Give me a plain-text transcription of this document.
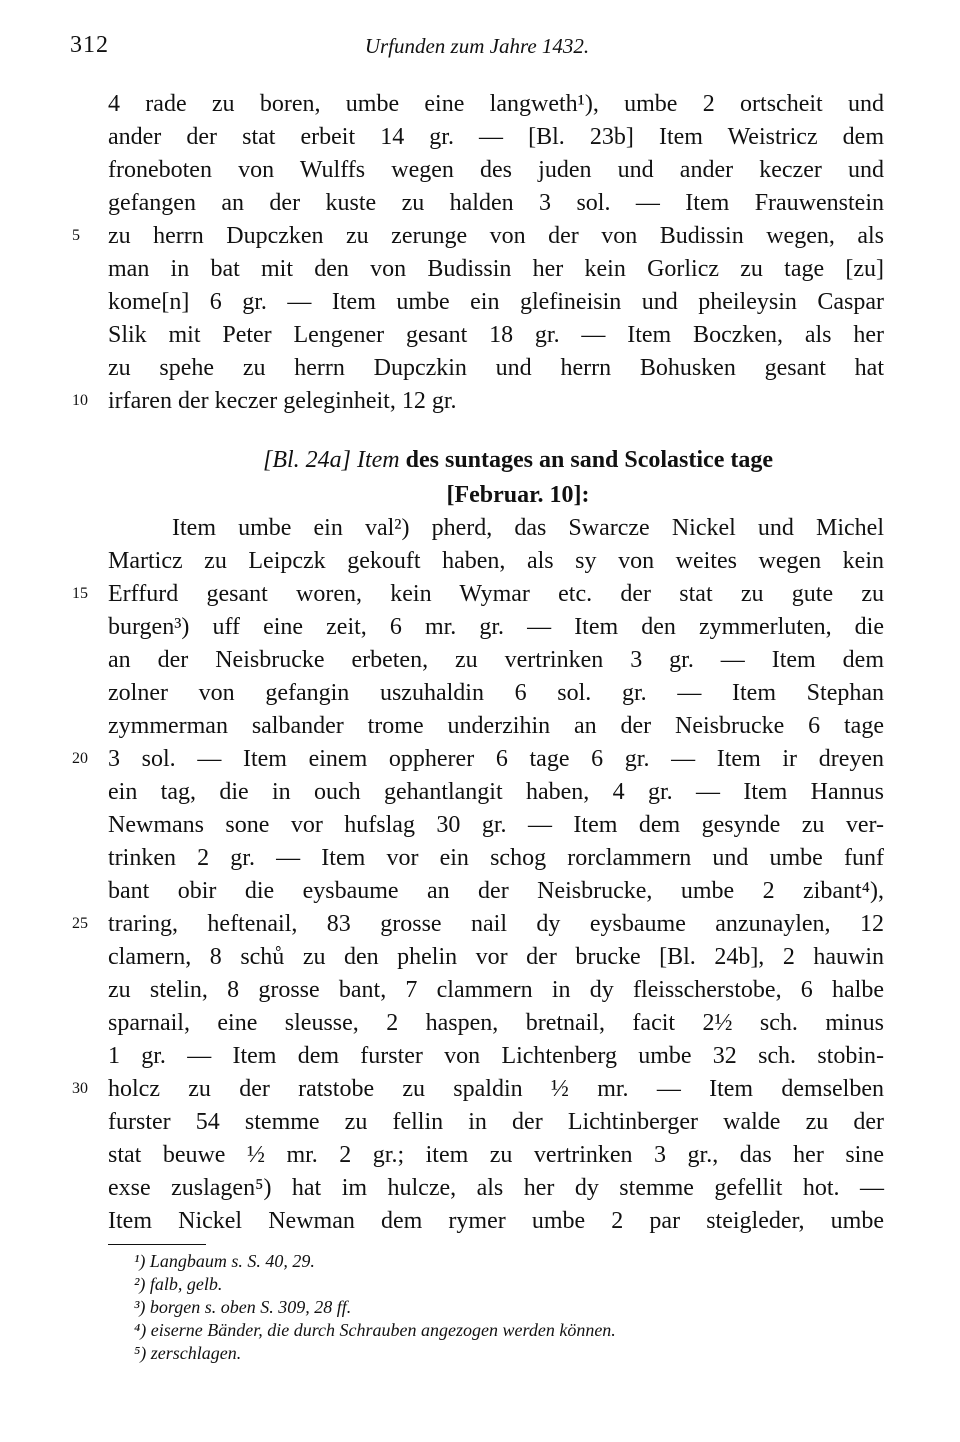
312	Urfunden zum Jahre 1432.
4 rade zu boren, umbe eine langweth¹), umbe 2 ortscheit und
ander der stat erbeit 14 gr. — [Bl. 23b] Item Weistricz dem
froneboten von Wulffs wegen des juden und ander keczer und
gefangen an der kuste zu halden 3 sol. — Item Frauwenstein
5	zu herrn Dupczken zu zerunge von der von Budissin wegen, als
man in bat mit den von Budissin her kein Gorlicz zu tage [zu]
kome[n] 6 gr. — Item umbe ein glefineisin und pheileysin Caspar
Slik mit Peter Lengener gesant 18 gr. — Item Boczken, als her
zu spehe zu herrn Dupczkin und herrn Bohusken gesant hat
10 irfaren der keczer geleginheit, 12 gr.
[Bl. 24a] Item des suntages an sand Scolastice tage
[Februar. 10]:
Item umbe ein val²) pherd, das Swarcze Nickel und Michel
Marticz zu Leipczk gekouft haben, als sy von weites wegen kein
15 Erffurd gesant woren, kein Wymar etc. der stat zu gute zu
burgen³) uff eine zeit, 6 mr. gr. — Item den zymmerluten, die
an der Neisbrucke erbeten, zu vertrinken 3 gr. — Item dem
zolner von gefangin uszuhaldin 6 sol. gr. — Item Stephan
zymmerman salbander trome underzihin an der Neisbrucke 6 tage
20 3 sol. — Item einem oppherer 6 tage 6 gr. — Item ir dreyen
ein tag, die in ouch gehantlangit haben, 4 gr. — Item Hannus
Newmans sone vor hufslag 30 gr. — Item dem gesynde zu ver-
trinken 2 gr. — Item vor ein schog rorclammern und umbe funf
bant obir die eysbaume an der Neisbrucke, umbe 2 zibant⁴),
25 traring, heftenail, 83 grosse nail dy eysbaume anzunaylen, 12
clamern, 8 schů zu den phelin vor der brucke [Bl. 24b], 2 hauwin
zu stelin, 8 grosse bant, 7 clammern in dy fleisscherstobe, 6 halbe
sparnail, eine sleusse, 2 haspen, bretnail, facit 2½ sch. minus
1 gr. — Item dem furster von Lichtenberg umbe 32 sch. stobin-
30 holcz zu der ratstobe zu spaldin ½ mr. — Item demselben
furster 54 stemme zu fellin in der Lichtinberger walde zu der
stat beuwe ½ mr. 2 gr.; item zu vertrinken 3 gr., das her sine
exse zuslagen⁵) hat im hulcze, als her dy stemme gefellit hot. —
Item Nickel Newman dem rymer umbe 2 par steigleder, umbe
¹) Langbaum s. S. 40, 29.
²) falb, gelb.
³) borgen s. oben S. 309, 28 ff.
⁴) eiserne Bänder, die durch Schrauben angezogen werden können.
⁵) zerschlagen.
